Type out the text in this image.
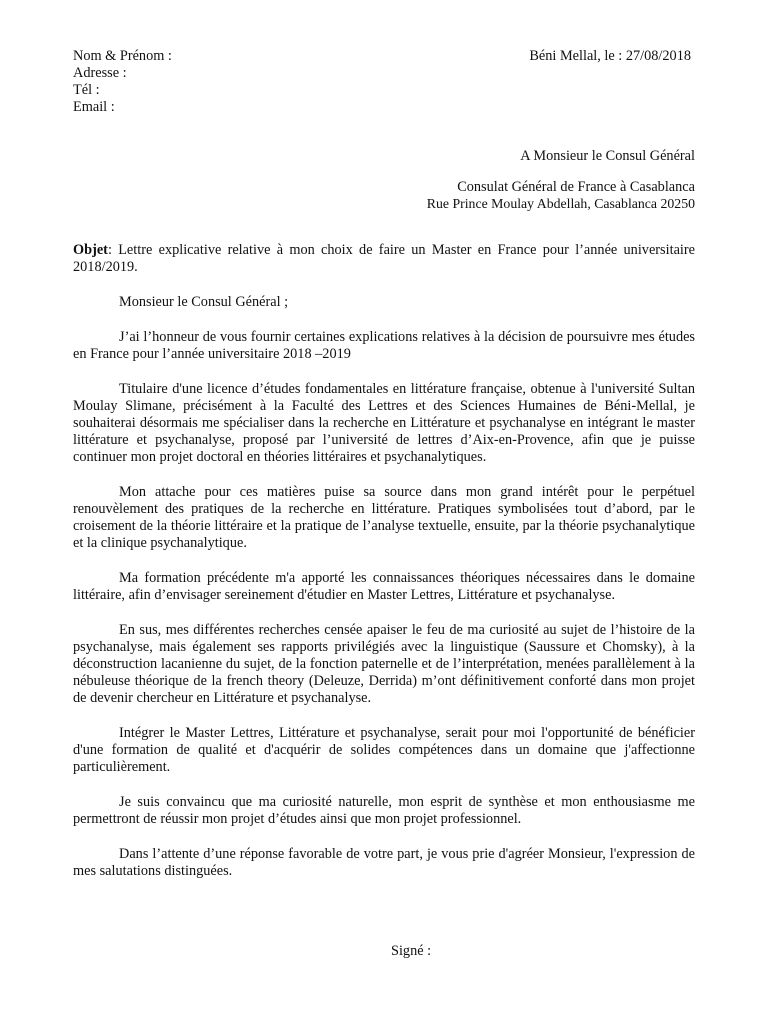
Nom & Prénom :
Adresse :
Tél :
Email :
Béni Mellal, le : 27/08/2018
A Monsieur le Consul Général
Consulat Général de France à Casablanca
Rue Prince Moulay Abdellah, Casablanca 20250

Objet: Lettre explicative relative à mon choix de faire un Master en France pour l’année universitaire 2018/2019.

Monsieur le Consul Général ;

J’ai l’honneur de vous fournir certaines explications relatives à la décision de poursuivre mes études en France pour l’année universitaire 2018 –2019

Titulaire d'une licence d’études fondamentales en littérature française, obtenue à l'université Sultan Moulay Slimane, précisément à la Faculté des Lettres et des Sciences Humaines de Béni-Mellal, je souhaiterai désormais me spécialiser dans la recherche en Littérature et psychanalyse en intégrant le master littérature et psychanalyse, proposé par l’université de lettres d’Aix-en-Provence, afin que je puisse continuer mon projet doctoral en théories littéraires et psychanalytiques.

Mon attache pour ces matières puise sa source dans mon grand intérêt pour le perpétuel renouvèlement des pratiques de la recherche en littérature. Pratiques symbolisées tout d’abord, par le croisement de la théorie littéraire et la pratique de l’analyse textuelle, ensuite, par la théorie psychanalytique et la clinique psychanalytique.

Ma formation précédente m'a apporté les connaissances théoriques nécessaires dans le domaine littéraire, afin d’envisager sereinement d'étudier en Master Lettres, Littérature et psychanalyse.

En sus, mes différentes recherches censée apaiser le feu de ma curiosité au sujet de l’histoire de la psychanalyse, mais également ses rapports privilégiés avec la linguistique (Saussure et Chomsky), à la déconstruction lacanienne du sujet, de la fonction paternelle et de l’interprétation, menées parallèlement à la nébuleuse théorique de la french theory (Deleuze, Derrida) m’ont définitivement conforté dans mon projet de devenir chercheur en Littérature et psychanalyse.

Intégrer le Master Lettres, Littérature et psychanalyse, serait pour moi l'opportunité de bénéficier d'une formation de qualité et d'acquérir de solides compétences dans un domaine que j'affectionne particulièrement.

Je suis convaincu que ma curiosité naturelle, mon esprit de synthèse et mon enthousiasme me permettront de réussir mon projet d’études ainsi que mon projet professionnel.

Dans l’attente d’une réponse favorable de votre part, je vous prie d'agréer Monsieur, l'expression de mes salutations distinguées.

Signé :
